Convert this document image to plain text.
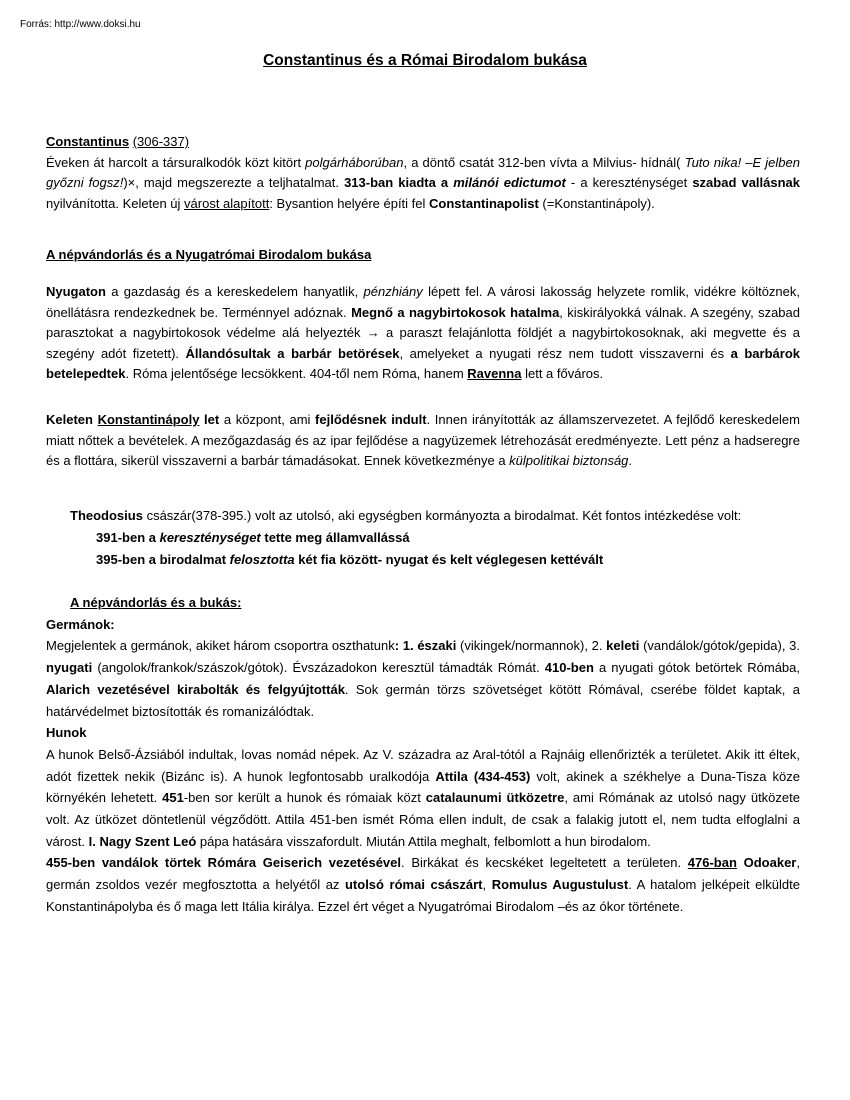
Forrás: http://www.doksi.hu
Constantinus és a Római Birodalom bukása

Constantinus (306-337)

Éveken át harcolt a társuralkodók közt kitört polgárháborúban, a döntő csatát 312-ben vívta a Milvius- hídnál( Tuto nika! –E jelben győzni fogsz!)×, majd megszerezte a teljhatalmat. 313-ban kiadta a milánói edictumot - a kereszténységet szabad vallásnak nyilvánította. Keleten új várost alapított: Bysantion helyére építi fel Constantinapolist (=Konstantinápoly).

A népvándorlás és a Nyugatrómai Birodalom bukása

Nyugaton a gazdaság és a kereskedelem hanyatlik, pénzhiány lépett fel. A városi lakosság helyzete romlik, vidékre költöznek, önellátásra rendezkednek be. Terménnyel adóznak. Megnő a nagybirtokosok hatalma, kiskirályokká válnak. A szegény, szabad parasztokat a nagybirtokosok védelme alá helyezték → a paraszt felajánlotta földjét a nagybirtokosoknak, aki megvette és a szegény adót fizetett). Állandósultak a barbár betörések, amelyeket a nyugati rész nem tudott visszaverni és a barbárok betelepedtek. Róma jelentősége lecsökkent. 404-től nem Róma, hanem Ravenna lett a főváros.

Keleten Konstantinápoly let a központ, ami fejlődésnek indult. Innen irányították az államszervezetet. A fejlődő kereskedelem miatt nőttek a bevételek. A mezőgazdaság és az ipar fejlődése a nagyüzemek létrehozását eredményezte. Lett pénz a hadseregre és a flottára, sikerül visszaverni a barbár támadásokat. Ennek következménye a külpolitikai biztonság.

Theodosius császár(378-395.) volt az utolsó, aki egységben kormányozta a birodalmat. Két fontos intézkedése volt:

391-ben a kereszténységet tette meg államvallássá

395-ben a birodalmat felosztotta két fia között- nyugat és kelt véglegesen kettévált

A népvándorlás és a bukás:

Germánok:

Megjelentek a germánok, akiket három csoportra oszthatunk: 1. északi (vikingek/normannok), 2. keleti (vandálok/gótok/gepida), 3. nyugati (angolok/frankok/szászok/gótok). Évszázadokon keresztül támadták Rómát. 410-ben a nyugati gótok betörtek Rómába, Alarich vezetésével kirabolták és felgyújtották. Sok germán törzs szövetséget kötött Rómával, cserébe földet kaptak, a határvédelmet biztosították és romanizálódtak.

Hunok

A hunok Belső-Ázsiából indultak, lovas nomád népek. Az V. századra az Aral-tótól a Rajnáig ellenőrizték a területet. Akik itt éltek, adót fizettek nekik (Bizánc is). A hunok legfontosabb uralkodója Attila (434-453) volt, akinek a székhelye a Duna-Tisza köze környékén lehetett. 451-ben sor került a hunok és rómaiak közt catalaunumi ütközetre, ami Rómának az utolsó nagy ütközete volt. Az ütközet döntetlenül végződött. Attila 451-ben ismét Róma ellen indult, de csak a falakig jutott el, nem tudta elfoglalni a várost. I. Nagy Szent Leó pápa hatására visszafordult. Miután Attila meghalt, felbomlott a hun birodalom.

455-ben vandálok törtek Rómára Geiserich vezetésével. Birkákat és kecskéket legeltetett a területen. 476-ban Odoaker, germán zsoldos vezér megfosztotta a helyétől az utolsó római császárt, Romulus Augustulust. A hatalom jelképeit elküldte Konstantinápolyba és ő maga lett Itália királya. Ezzel ért véget a Nyugatrómai Birodalom –és az ókor története.
